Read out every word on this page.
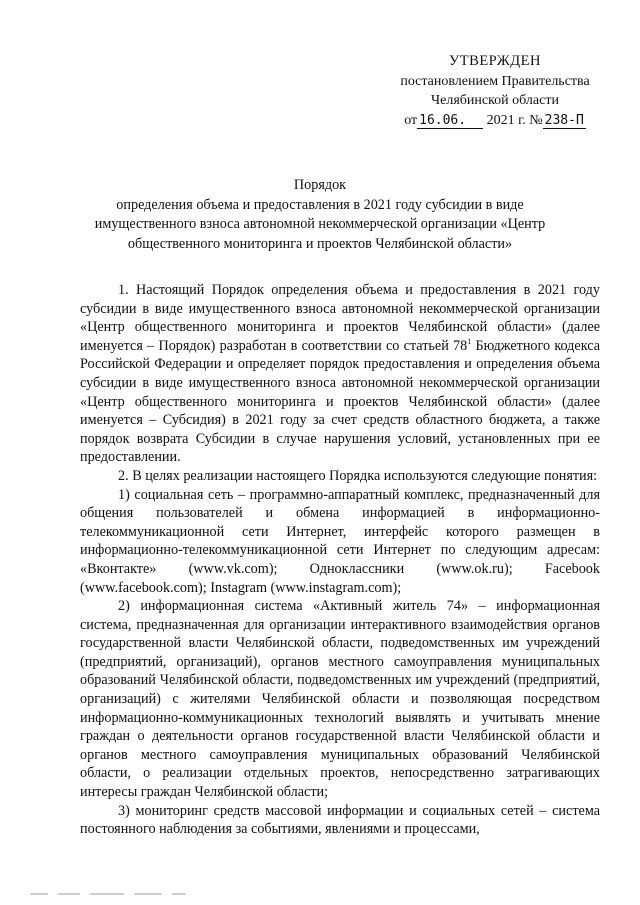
УТВЕРЖДЕН
постановлением Правительства
Челябинской области
от 16.06. 2021 г. № 238-П
Порядок
определения объема и предоставления в 2021 году субсидии в виде
имущественного взноса автономной некоммерческой организации «Центр
общественного мониторинга и проектов Челябинской области»

1. Настоящий Порядок определения объема и предоставления в 2021 году субсидии в виде имущественного взноса автономной некоммерческой организации «Центр общественного мониторинга и проектов Челябинской области» (далее именуется – Порядок) разработан в соответствии со статьей $78^1$ Бюджетного кодекса Российской Федерации и определяет порядок предоставления и определения объема субсидии в виде имущественного взноса автономной некоммерческой организации «Центр общественного мониторинга и проектов Челябинской области» (далее именуется – Субсидия) в 2021 году за счет средств областного бюджета, а также порядок возврата Субсидии в случае нарушения условий, установленных при ее предоставлении.

2. В целях реализации настоящего Порядка используются следующие понятия:

1) социальная сеть – программно-аппаратный комплекс, предназначенный для общения пользователей и обмена информацией в информационно-телекоммуникационной сети Интернет, интерфейс которого размещен в информационно-телекоммуникационной сети Интернет по следующим адресам: «Вконтакте» (www.vk.com); Одноклассники (www.ok.ru); Facebook (www.facebook.com); Instagram (www.instagram.com);

2) информационная система «Активный житель 74» – информационная система, предназначенная для организации интерактивного взаимодействия органов государственной власти Челябинской области, подведомственных им учреждений (предприятий, организаций), органов местного самоуправления муниципальных образований Челябинской области, подведомственных им учреждений (предприятий, организаций) с жителями Челябинской области и позволяющая посредством информационно-коммуникационных технологий выявлять и учитывать мнение граждан о деятельности органов государственной власти Челябинской области и органов местного самоуправления муниципальных образований Челябинской области, о реализации отдельных проектов, непосредственно затрагивающих интересы граждан Челябинской области;

3) мониторинг средств массовой информации и социальных сетей – система постоянного наблюдения за событиями, явлениями и процессами,
